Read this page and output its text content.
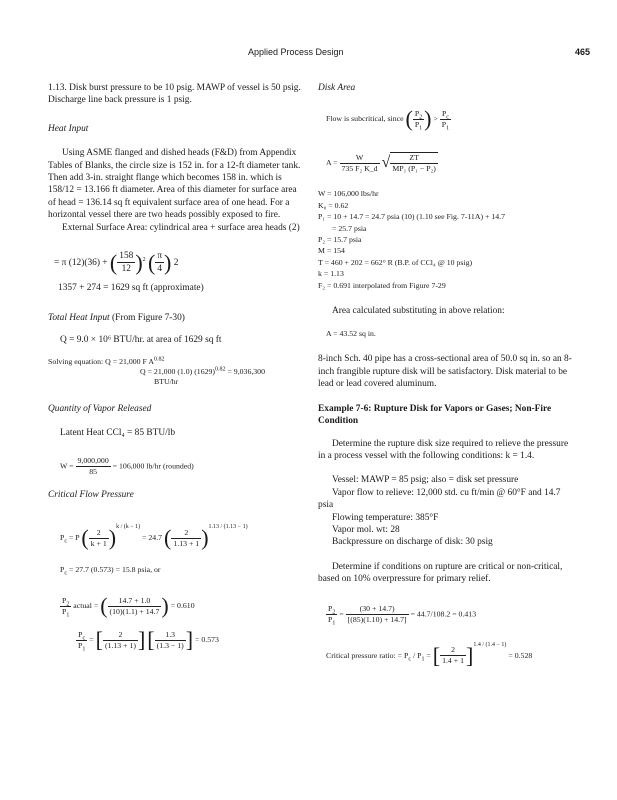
Applied Process Design	465

1.13. Disk burst pressure to be 10 psig. MAWP of vessel is 50 psig. Discharge line back pressure is 1 psig.

Heat Input

Using ASME flanged and dished heads (F&D) from Appendix Tables of Blanks, the circle size is 152 in. for a 12-ft diameter tank. Then add 3-in. straight flange which becomes 158 in. which is 158/12 = 13.166 ft diameter. Area of this diameter for surface area of head = 136.14 sq ft equivalent surface area of one head. For a horizontal vessel there are two heads possibly exposed to fire.

External Surface Area: cylindrical area + surface area heads (2)

= π (12)(36) + ( $\frac{158}{12} )^2$ ( $\frac{\pi}{4}$ ) 2
1357 + 274 = 1629 sq ft (approximate)

Total Heat Input (From Figure 7-30)

Q = 9.0 × 10⁶ BTU/hr. at area of 1629 sq ft

Solving equation: Q = 21,000 F $A^{0.82}$

Q = 21,000 (1.0) $(1629)^{0.82} = 9,036,300$

BTU/hr

Quantity of Vapor Released

Latent Heat CCl₄ = 85 BTU/lb

$W = \frac{9,000,000}{85} = 106,000$ lb/hr (rounded)

Critical Flow Pressure

$P_c = P$ ( $\frac{2}{k + 1} )^{k / (k - 1)} = 24.7$ ( $\frac{2}{1.13 + 1} )^{1.13 / (1.13 - 1)}$

$P_c = 27.7$ (0.573) = 15.8 psia, or

$\frac{P_2}{P_1}$ actual = ( $\frac{14.7 + 1.0}{(10)(1.1) + 14.7}$ ) = 0.610
$\frac{P_c}{P_1}$ = [ $\frac{2}{(1.13 + 1)}$ ] [ $\frac{1.3}{(1.3 - 1)}$ ] = 0.573

Disk Area

Flow is subcritical, since ( $\frac{P_2}{P_1}$ ) > $\frac{P_c}{P_1}$
$A = \frac{W}{\text{735 F₂ K\_d}}$ √ $\frac{ZT}{\text{MP₁ (P₁ − P₂)}}$

W = 106,000 lbs/hr

K₀ = 0.62

P₁ = 10 + 14.7 = 24.7 psia (10) (1.10 see Fig. 7-11A) + 14.7

= 25.7 psia

P₂ = 15.7 psia

M = 154

T = 460 + 202 = 662° R (B.P. of CCl₄ @ 10 psig)

k = 1.13

F₂ = 0.691 interpolated from Figure 7-29

Area calculated substituting in above relation:

A = 43.52 sq in.

8-inch Sch. 40 pipe has a cross-sectional area of 50.0 sq in. so an 8-inch frangible rupture disk will be satisfactory. Disk material to be lead or lead covered aluminum.

Example 7-6: Rupture Disk for Vapors or Gases; Non-Fire Condition

Determine the rupture disk size required to relieve the pressure in a process vessel with the following conditions: k = 1.4.

Vessel: MAWP = 85 psig; also = disk set pressure

Vapor flow to relieve: 12,000 std. cu ft/min @ 60°F and 14.7 psia

Flowing temperature: 385°F

Vapor mol. wt: 28

Backpressure on discharge of disk: 30 psig

Determine if conditions on rupture are critical or non-critical, based on 10% overpressure for primary relief.

$\frac{P_2}{P_1} = \frac{(30 + 14.7)}{[(85)(1.10) + 14.7]} = 44.7/108.2 = 0.413$
Critical pressure ratio: = $P_c / P_1$ = [ $\frac{2}{1.4 + 1} ]^{1.4 / (1.4 - 1)} = 0.528$
